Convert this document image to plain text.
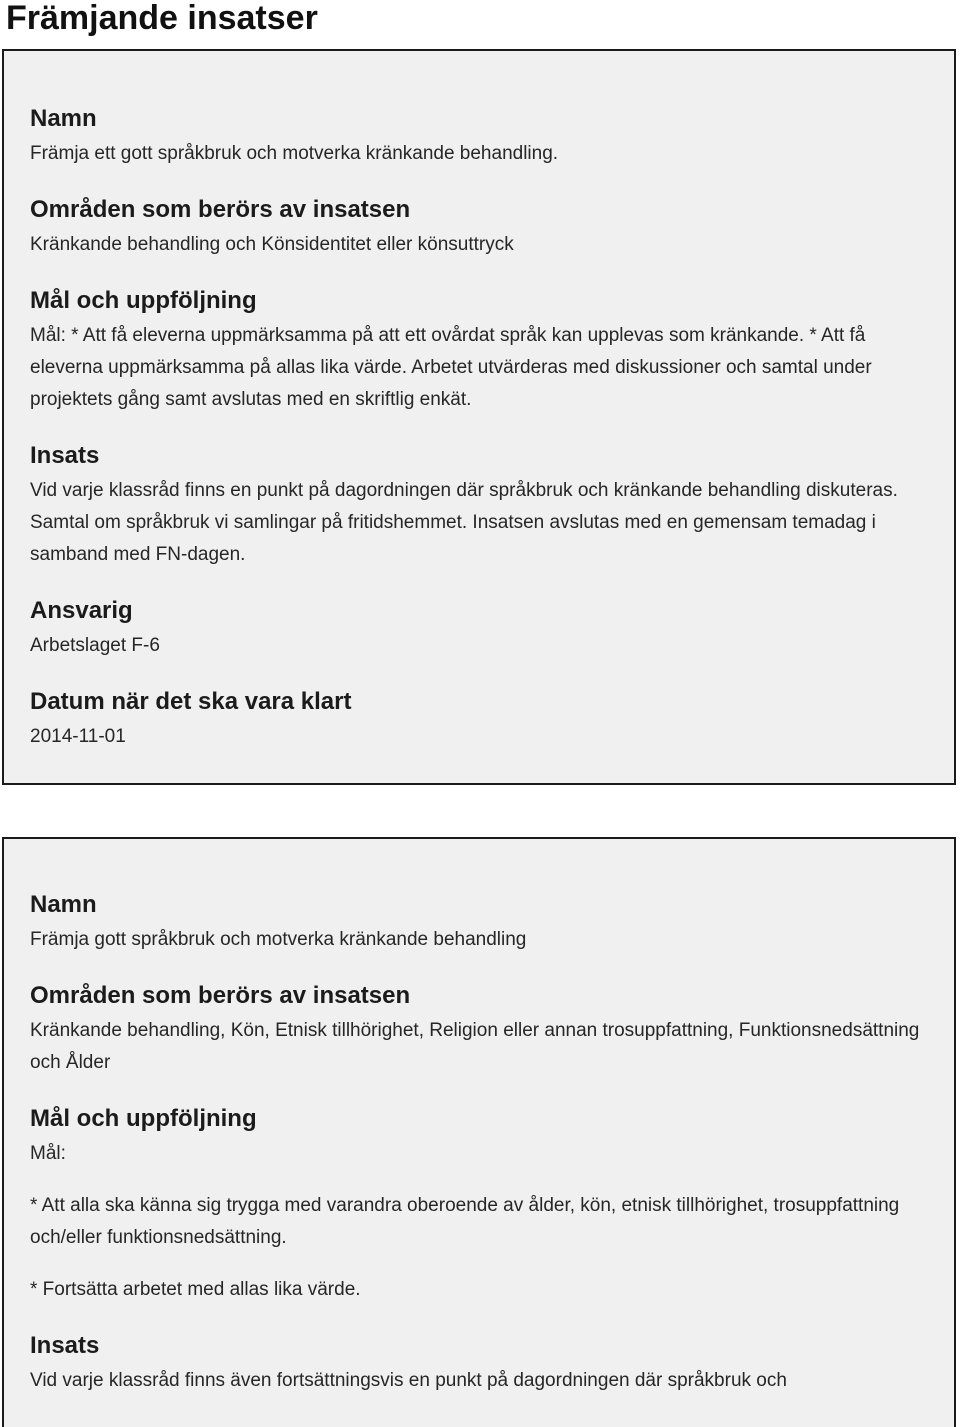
Främjande insatser
Namn

Främja ett gott språkbruk och motverka kränkande behandling.

Områden som berörs av insatsen

Kränkande behandling och Könsidentitet eller könsuttryck

Mål och uppföljning

Mål: * Att få eleverna uppmärksamma på att ett ovårdat språk kan upplevas som kränkande. * Att få eleverna uppmärksamma på allas lika värde. Arbetet utvärderas med diskussioner och samtal under projektets gång samt avslutas med en skriftlig enkät.

Insats

Vid varje klassråd finns en punkt på dagordningen där språkbruk och kränkande behandling diskuteras. Samtal om språkbruk vi samlingar på fritidshemmet. Insatsen avslutas med en gemensam temadag i samband med FN-dagen.

Ansvarig

Arbetslaget F-6

Datum när det ska vara klart

2014-11-01

Namn

Främja gott språkbruk och motverka kränkande behandling

Områden som berörs av insatsen

Kränkande behandling, Kön, Etnisk tillhörighet, Religion eller annan trosuppfattning, Funktionsnedsättning och Ålder

Mål och uppföljning

Mål:

* Att alla ska känna sig trygga med varandra oberoende av ålder, kön, etnisk tillhörighet, trosuppfattning och/eller funktionsnedsättning.

* Fortsätta arbetet med allas lika värde.

Insats

Vid varje klassråd finns även fortsättningsvis en punkt på dagordningen där språkbruk och
